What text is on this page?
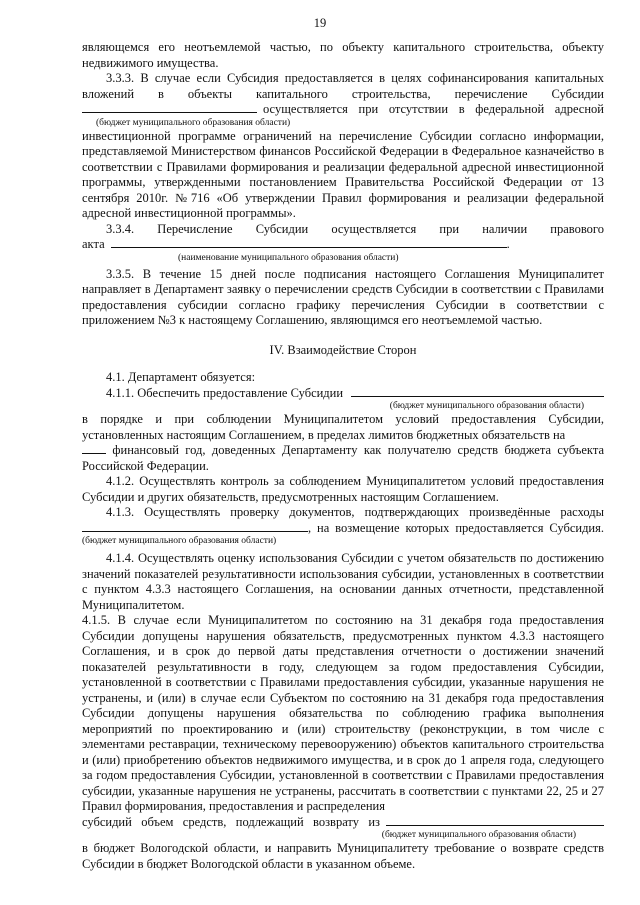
19

являющемся его неотъемлемой частью, по объекту капитального строительства, объекту недвижимого имущества.

3.3.3. В случае если Субсидия предоставляется в целях софинансирования капитальных

вложений в объекты капитального строительства, перечисление Субсидии

осуществляется при отсутствии в федеральной адресной
(бюджет муниципального образования области)

инвестиционной программе ограничений на перечисление Субсидии согласно информации, представляемой Министерством финансов Российской Федерации в Федеральное казначейство в соответствии с Правилами формирования и реализации федеральной адресной инвестиционной программы, утвержденными постановлением Правительства Российской Федерации от 13 сентября 2010г. №716 «Об утверждении Правил формирования и реализации федеральной адресной инвестиционной программы».

3.3.4. Перечисление Субсидии осуществляется при наличии правового

акта	.
(наименование муниципального образования области)

3.3.5. В течение 15 дней после подписания настоящего Соглашения Муниципалитет направляет в Департамент заявку о перечислении средств Субсидии в соответствии с Правилами предоставления субсидии согласно графику перечисления Субсидии в соответствии с приложением №3 к настоящему Соглашению, являющимся его неотъемлемой частью.

IV. Взаимодействие Сторон

4.1. Департамент обязуется:

4.1.1. Обеспечить предоставление Субсидии
(бюджет муниципального образования области)

в порядке и при соблюдении Муниципалитетом условий предоставления Субсидии, установленных настоящим Соглашением, в пределах лимитов бюджетных обязательств на

финансовый год, доведенных Департаменту как получателю средств бюджета субъекта Российской Федерации.

4.1.2. Осуществлять контроль за соблюдением Муниципалитетом условий предоставления Субсидии и других обязательств, предусмотренных настоящим Соглашением.

4.1.3. Осуществлять проверку документов, подтверждающих произведённые расходы

, на возмещение которых предоставляется Субсидия.
(бюджет муниципального образования области)

4.1.4. Осуществлять оценку использования Субсидии с учетом обязательств по достижению значений показателей результативности использования субсидии, установленных в соответствии с пунктом 4.3.3 настоящего Соглашения, на основании данных отчетности, представленной Муниципалитетом.

4.1.5. В случае если Муниципалитетом по состоянию на 31 декабря года предоставления Субсидии допущены нарушения обязательств, предусмотренных пунктом 4.3.3 настоящего Соглашения, и в срок до первой даты представления отчетности о достижении значений показателей результативности в году, следующем за годом предоставления Субсидии, установленной в соответствии с Правилами предоставления субсидии, указанные нарушения не устранены, и (или) в случае если Субъектом по состоянию на 31 декабря года предоставления Субсидии допущены нарушения обязательства по соблюдению графика выполнения мероприятий по проектированию и (или) строительству (реконструкции, в том числе с элементами реставрации, техническому перевооружению) объектов капитального строительства и (или) приобретению объектов недвижимого имущества, и в срок до 1 апреля года, следующего за годом предоставления Субсидии, установленной в соответствии с Правилами предоставления субсидии, указанные нарушения не устранены, рассчитать в соответствии с пунктами 22, 25 и 27 Правил формирования, предоставления и распределения

субсидий объем средств, подлежащий возврату из
(бюджет муниципального образования области)

в бюджет Вологодской области, и направить Муниципалитету требование о возврате средств Субсидии в бюджет Вологодской области в указанном объеме.
